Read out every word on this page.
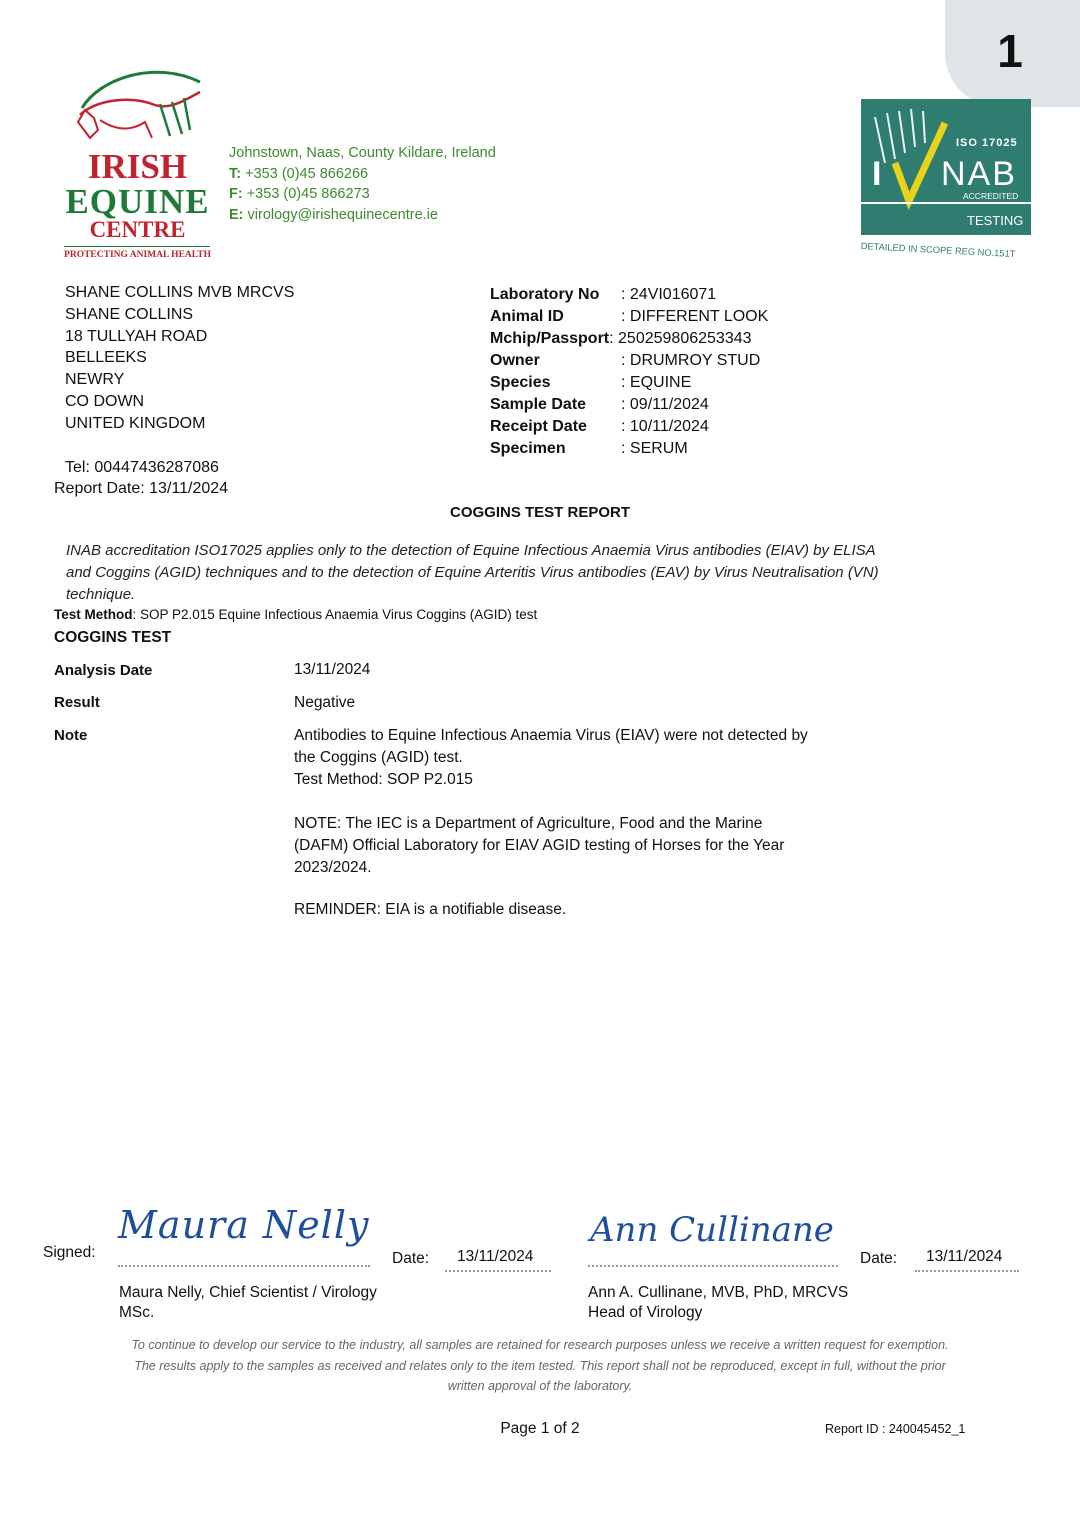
1
IRISH
EQUINE
CENTRE
PROTECTING ANIMAL HEALTH
Johnstown, Naas, County Kildare, Ireland
T: +353 (0)45 866266
F: +353 (0)45 866273
E: virology@irishequinecentre.ie
ISO 17025
I NAB
ACCREDITED
TESTING
DETAILED IN SCOPE REG NO.151T
SHANE COLLINS MVB MRCVS
SHANE COLLINS
18 TULLYAH ROAD
BELLEEKS
NEWRY
CO DOWN
UNITED KINGDOM
Tel: 00447436287086
Report Date: 13/11/2024
Laboratory No : 24VI016071
Animal ID	: DIFFERENT LOOK
Mchip/Passport: 250259806253343
Owner	: DRUMROY STUD
Species	: EQUINE
Sample Date : 09/11/2024
Receipt Date : 10/11/2024
Specimen	: SERUM
COGGINS TEST REPORT
INAB accreditation ISO17025 applies only to the detection of Equine Infectious Anaemia Virus antibodies (EIAV) by ELISA
and Coggins (AGID) techniques and to the detection of Equine Arteritis Virus antibodies (EAV) by Virus Neutralisation (VN)
technique.
Test Method: SOP P2.015 Equine Infectious Anaemia Virus Coggins (AGID) test
COGGINS TEST
Analysis Date	13/11/2024
Result	Negative
Note	Antibodies to Equine Infectious Anaemia Virus (EIAV) were not detected by
the Coggins (AGID) test.
Test Method: SOP P2.015
NOTE: The IEC is a Department of Agriculture, Food and the Marine
(DAFM) Official Laboratory for EIAV AGID testing of Horses for the Year
2023/2024.
REMINDER: EIA is a notifiable disease.
Signed:
Maura Nelly
Date: 13/11/2024
Maura Nelly, Chief Scientist / Virology
MSc.
Ann Cullinane
Date: 13/11/2024
Ann A. Cullinane, MVB, PhD, MRCVS
Head of Virology
To continue to develop our service to the industry, all samples are retained for research purposes unless we receive a written request for exemption.
The results apply to the samples as received and relates only to the item tested. This report shall not be reproduced, except in full, without the prior
written approval of the laboratory.
Page 1 of 2	Report ID : 240045452_1
